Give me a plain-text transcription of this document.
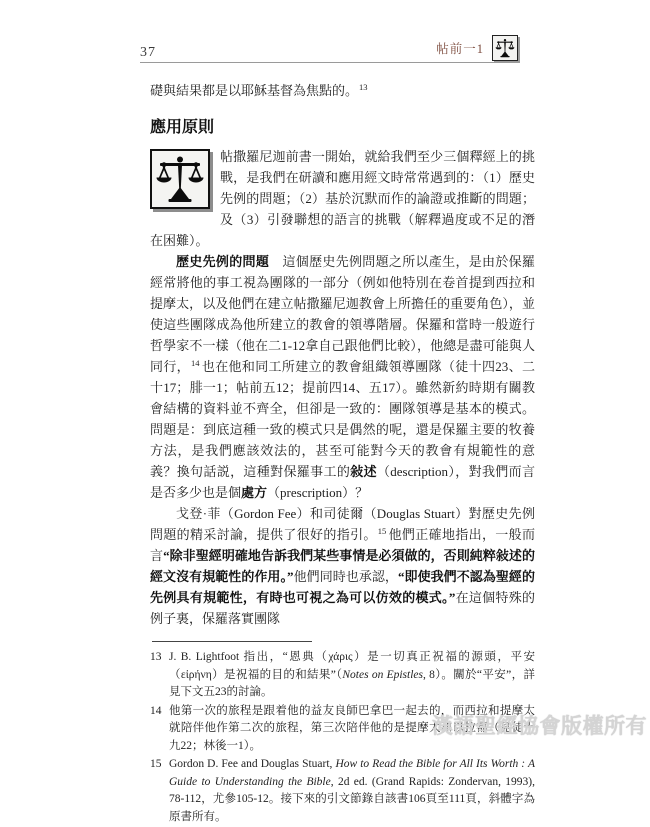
37	帖前一1

礎與結果都是以耶穌基督為焦點的。$^{13}$

應用原則

帖撒羅尼迦前書一開始，就給我們至少三個釋經上的挑戰，是我們在研讀和應用經文時常常遇到的：（1）歷史先例的問題；（2）基於沉默而作的論證或推斷的問題；及（3）引發聯想的語言的挑戰（解釋過度或不足的潛在困難）。

歷史先例的問題　這個歷史先例問題之所以產生，是由於保羅經常將他的事工視為團隊的一部分（例如他特別在卷首提到西拉和提摩太，以及他們在建立帖撒羅尼迦教會上所擔任的重要角色），並使這些團隊成為他所建立的教會的領導階層。保羅和當時一般遊行哲學家不一樣（他在二1-12拿自己跟他們比較），他總是盡可能與人同行，$^{14}$ 也在他和同工所建立的教會組織領導團隊（徒十四23、二十17；腓一1；帖前五12；提前四14、五17）。雖然新約時期有關教會結構的資料並不齊全，但卻是一致的：團隊領導是基本的模式。問題是：到底這種一致的模式只是偶然的呢，還是保羅主要的牧養方法，是我們應該效法的，甚至可能對今天的教會有規範性的意義？換句話説，這種對保羅事工的敍述（description），對我們而言是否多少也是個處方（prescription）？

戈登·菲（Gordon Fee）和司徒爾（Douglas Stuart）對歷史先例問題的精采討論，提供了很好的指引。$^{15}$ 他們正確地指出，一般而言“除非聖經明確地告訴我們某些事情是必須做的，否則純粹敍述的經文沒有規範性的作用。”他們同時也承認，“即使我們不認為聖經的先例具有規範性，有時也可視之為可以仿效的模式。”在這個特殊的例子裏，保羅落實團隊

13 J. B. Lightfoot 指出，“恩典（χάρις）是一切真正祝福的源頭，平安（εἰρήνη）是祝福的目的和結果”（Notes on Epistles, 8）。關於“平安”，詳見下文五23的討論。
14 他第一次的旅程是跟着他的益友良師巴拿巴一起去的，而西拉和提摩太就陪伴他作第二次的旅程，第三次陪伴他的是提摩太和以拉都（見徒十九22；林後一1）。
15 Gordon D. Fee and Douglas Stuart, How to Read the Bible for All Its Worth : A Guide to Understanding the Bible, 2d ed. (Grand Rapids: Zondervan, 1993), 78-112，尤參105-12。接下來的引文節錄自該書106頁至111頁，斜體字為原書所有。
漢語聖經協會版權所有
